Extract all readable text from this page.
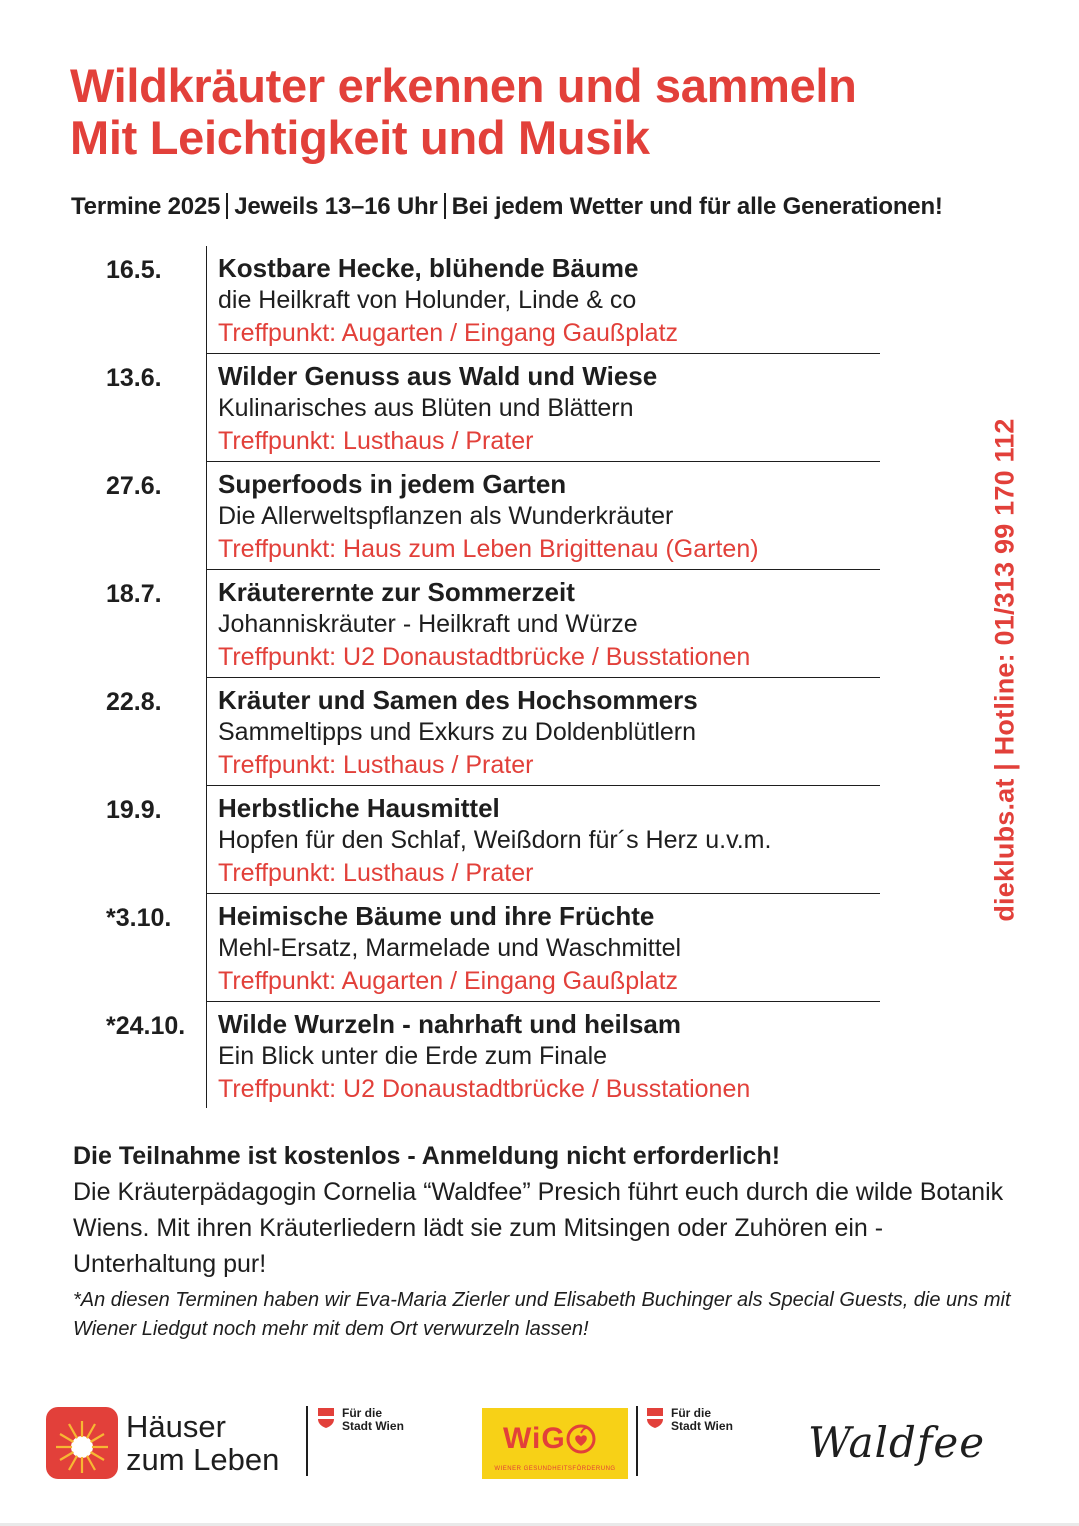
Wildkräuter erkennen und sammeln
Mit Leichtigkeit und Musik
Termine 2025 Jeweils 13–16 Uhr Bei jedem Wetter und für alle Generationen!
16.5. Kostbare Hecke, blühende Bäume
die Heilkraft von Holunder, Linde & co
Treffpunkt: Augarten / Eingang Gaußplatz
13.6. Wilder Genuss aus Wald und Wiese
Kulinarisches aus Blüten und Blättern
Treffpunkt: Lusthaus / Prater
27.6. Superfoods in jedem Garten
Die Allerweltspflanzen als Wunderkräuter
Treffpunkt: Haus zum Leben Brigittenau (Garten)
18.7. Kräuterernte zur Sommerzeit
Johanniskräuter - Heilkraft und Würze
Treffpunkt: U2 Donaustadtbrücke / Busstationen
22.8. Kräuter und Samen des Hochsommers
Sammeltipps und Exkurs zu Doldenblütlern
Treffpunkt: Lusthaus / Prater
19.9. Herbstliche Hausmittel
Hopfen für den Schlaf, Weißdorn für´s Herz u.v.m.
Treffpunkt: Lusthaus / Prater
*3.10. Heimische Bäume und ihre Früchte
Mehl-Ersatz, Marmelade und Waschmittel
Treffpunkt: Augarten / Eingang Gaußplatz
*24.10. Wilde Wurzeln - nahrhaft und heilsam
Ein Blick unter die Erde zum Finale
Treffpunkt: U2 Donaustadtbrücke / Busstationen
dieklubs.at | Hotline: 01/313 99 170 112
Die Teilnahme ist kostenlos - Anmeldung nicht erforderlich!
Die Kräuterpädagogin Cornelia “Waldfee” Presich führt euch durch die wilde Botanik Wiens. Mit ihren Kräuterliedern lädt sie zum Mitsingen oder Zuhören ein - Unterhaltung pur!
*An diesen Terminen haben wir Eva-Maria Zierler und Elisabeth Buchinger als Special Guests, die uns mit Wiener Liedgut noch mehr mit dem Ort verwurzeln lassen!
Häuser
zum Leben
Für die
Stadt Wien	WiG
WIENER GESUNDHEITSFÖRDERUNG
Für die
Stadt Wien Waldfee
